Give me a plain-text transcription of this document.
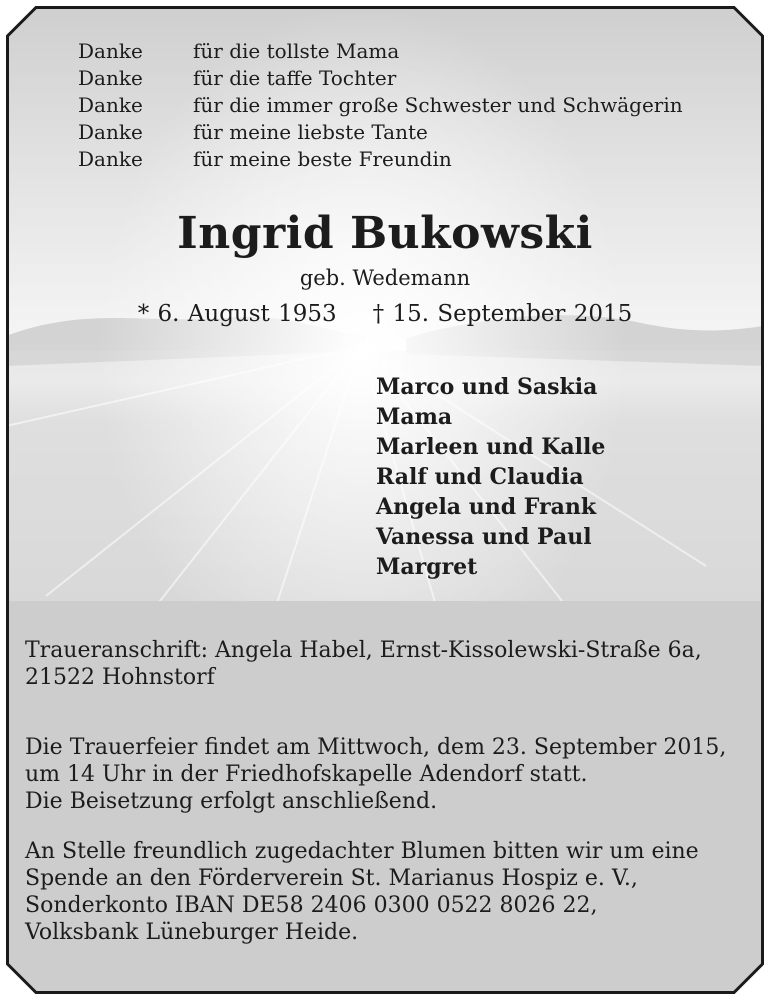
Danke	für die tollste Mama
Danke	für die taffe Tochter
Danke	für die immer große Schwester und Schwägerin
Danke	für meine liebste Tante
Danke	für meine beste Freundin
Ingrid Bukowski
geb. Wedemann
* 6. August 1953 † 15. September 2015
Marco und Saskia
Mama
Marleen und Kalle
Ralf und Claudia
Angela und Frank
Vanessa und Paul
Margret
Traueranschrift: Angela Habel, Ernst-Kissolewski-Straße 6a,
21522 Hohnstorf
Die Trauerfeier findet am Mittwoch, dem 23. September 2015,
um 14 Uhr in der Friedhofskapelle Adendorf statt.
Die Beisetzung erfolgt anschließend.
An Stelle freundlich zugedachter Blumen bitten wir um eine
Spende an den Förderverein St. Marianus Hospiz e. V.,
Sonderkonto IBAN DE58 2406 0300 0522 8026 22,
Volksbank Lüneburger Heide.
